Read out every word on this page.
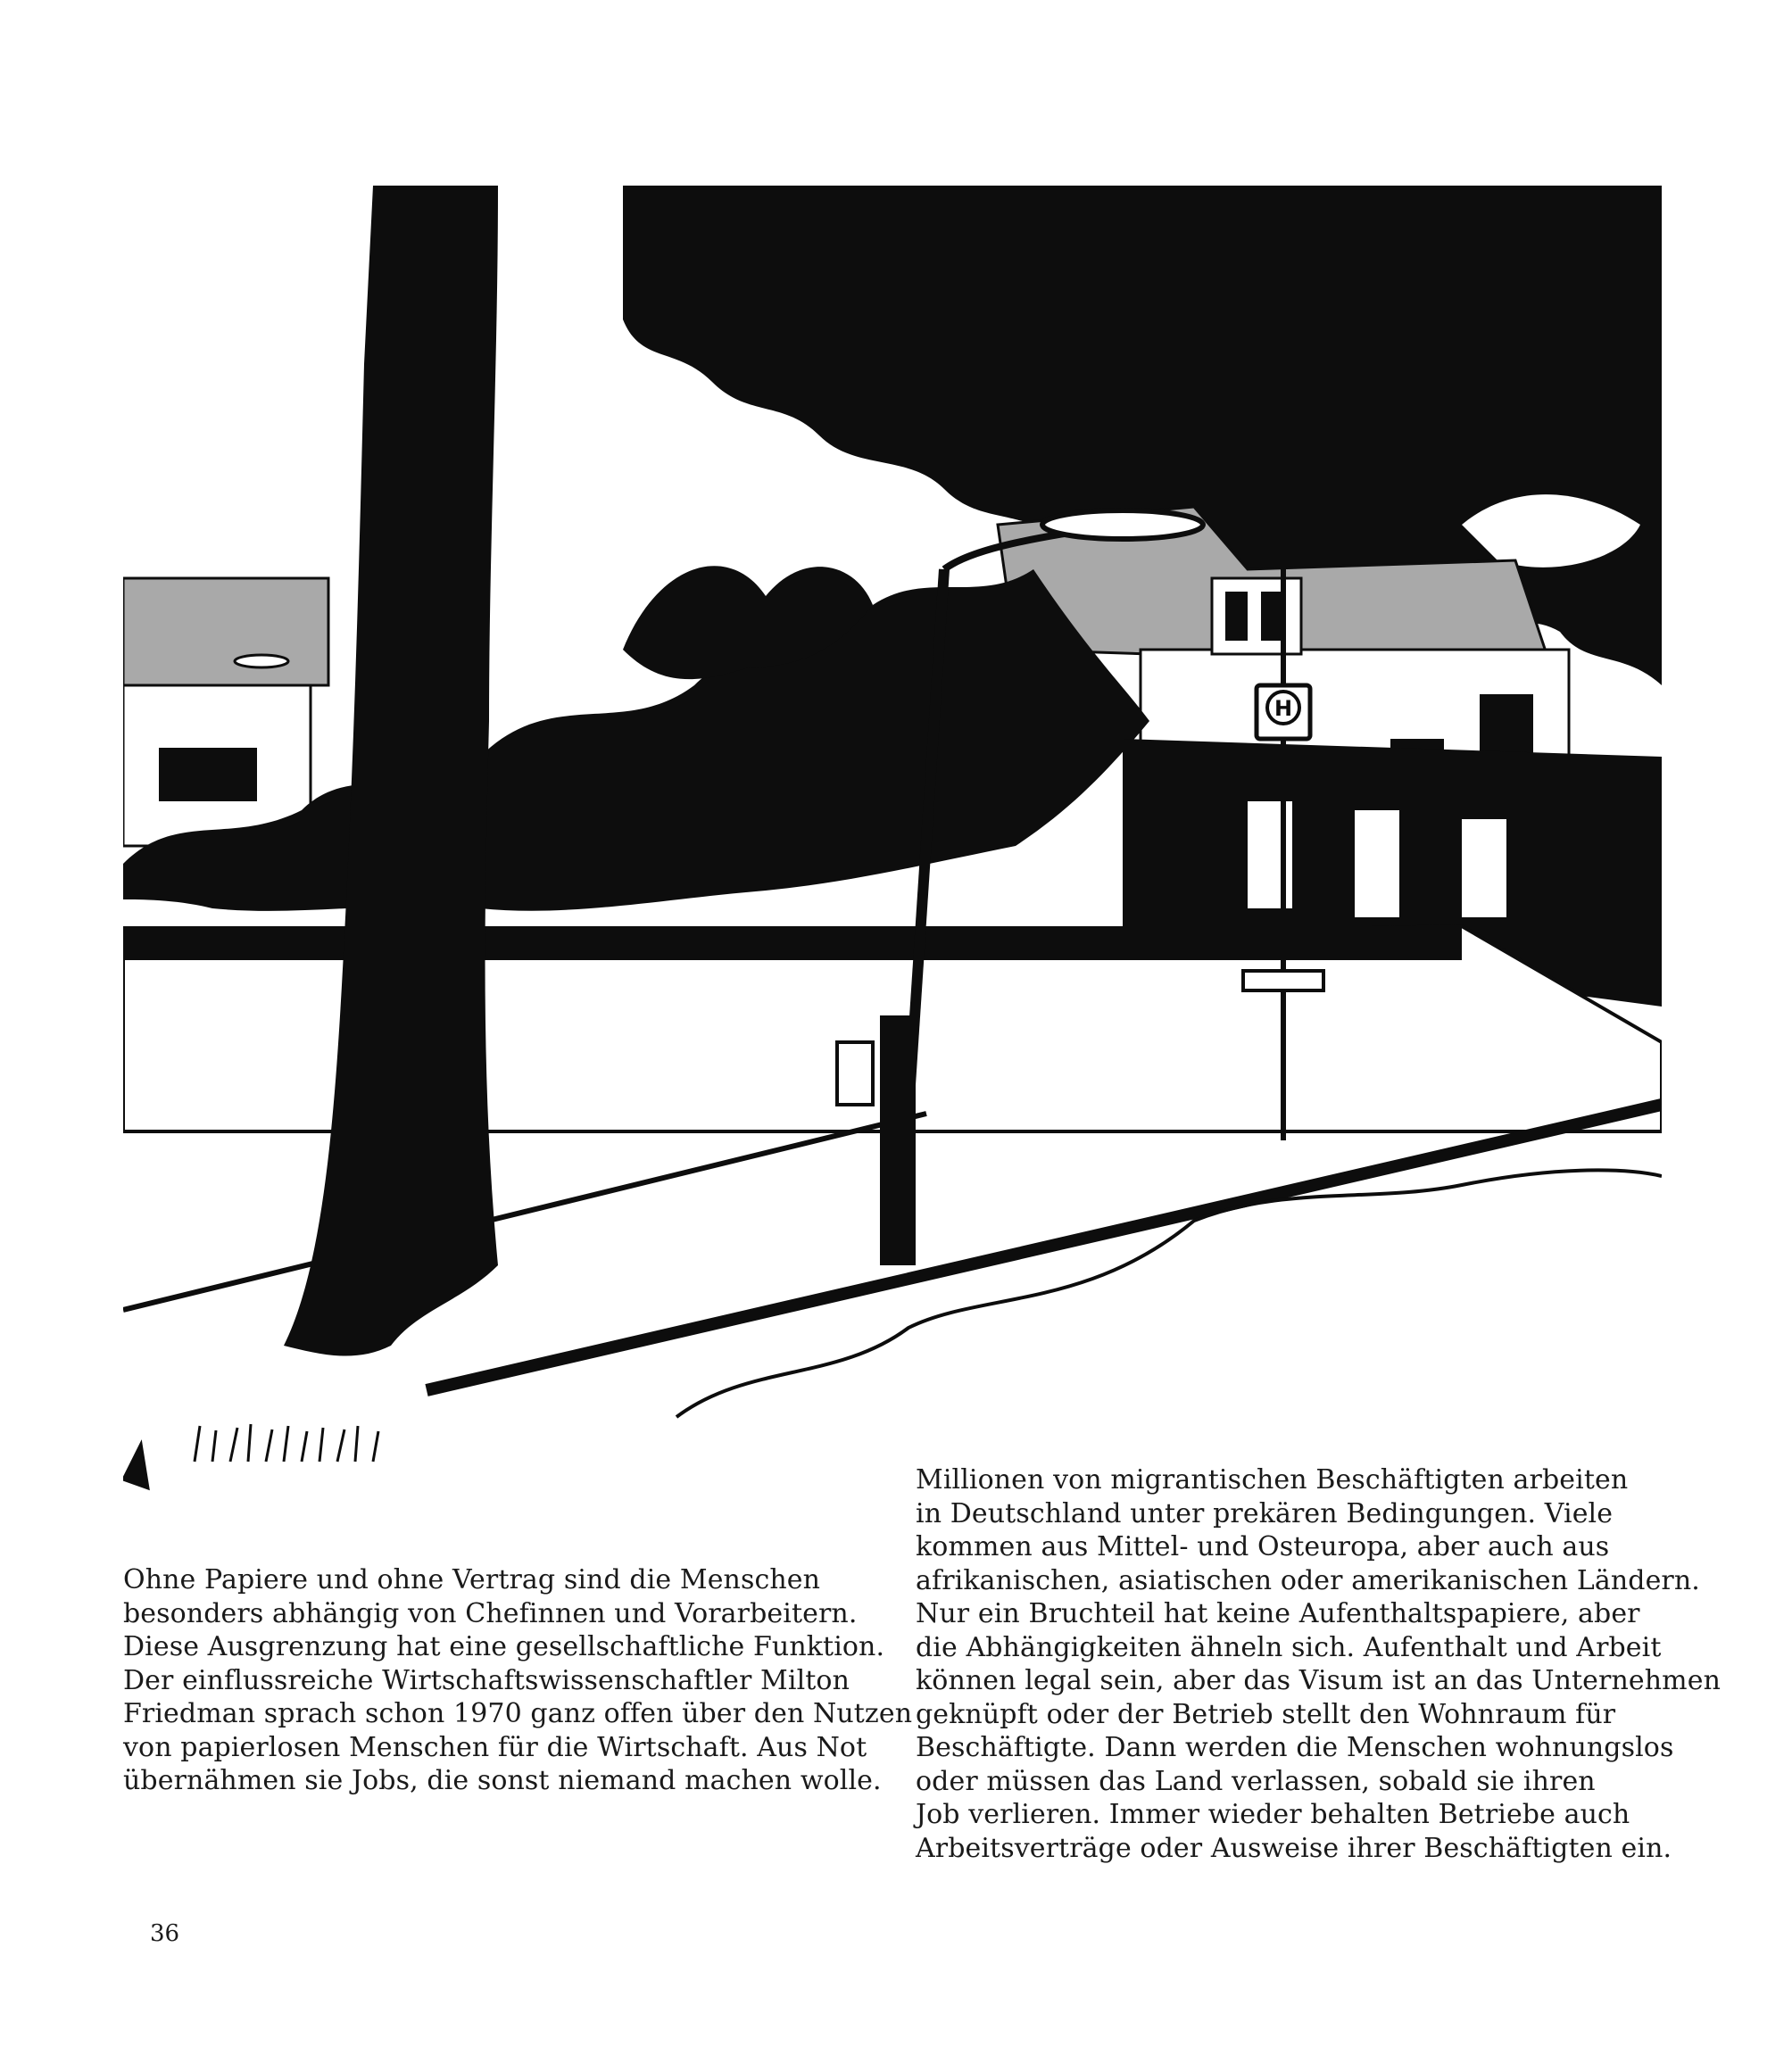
H
Ohne Papiere und ohne Vertrag sind die Menschen
besonders abhängig von Chefinnen und Vorarbeitern.
Diese Ausgrenzung hat eine gesellschaftliche Funktion.
Der einflussreiche Wirtschaftswissenschaftler Milton
Friedman sprach schon 1970 ganz offen über den Nutzen
von papierlosen Menschen für die Wirtschaft. Aus Not
übernähmen sie Jobs, die sonst niemand machen wolle.
Millionen von migrantischen Beschäftigten arbeiten
in Deutschland unter prekären Bedingungen. Viele
kommen aus Mittel- und Osteuropa, aber auch aus
afrikanischen, asiatischen oder amerikanischen Ländern.
Nur ein Bruchteil hat keine Aufenthaltspapiere, aber
die Abhängigkeiten ähneln sich. Aufenthalt und Arbeit
können legal sein, aber das Visum ist an das Unternehmen
geknüpft oder der Betrieb stellt den Wohnraum für
Beschäftigte. Dann werden die Menschen wohnungslos
oder müssen das Land verlassen, sobald sie ihren
Job verlieren. Immer wieder behalten Betriebe auch
Arbeitsverträge oder Ausweise ihrer Beschäftigten ein.
36
